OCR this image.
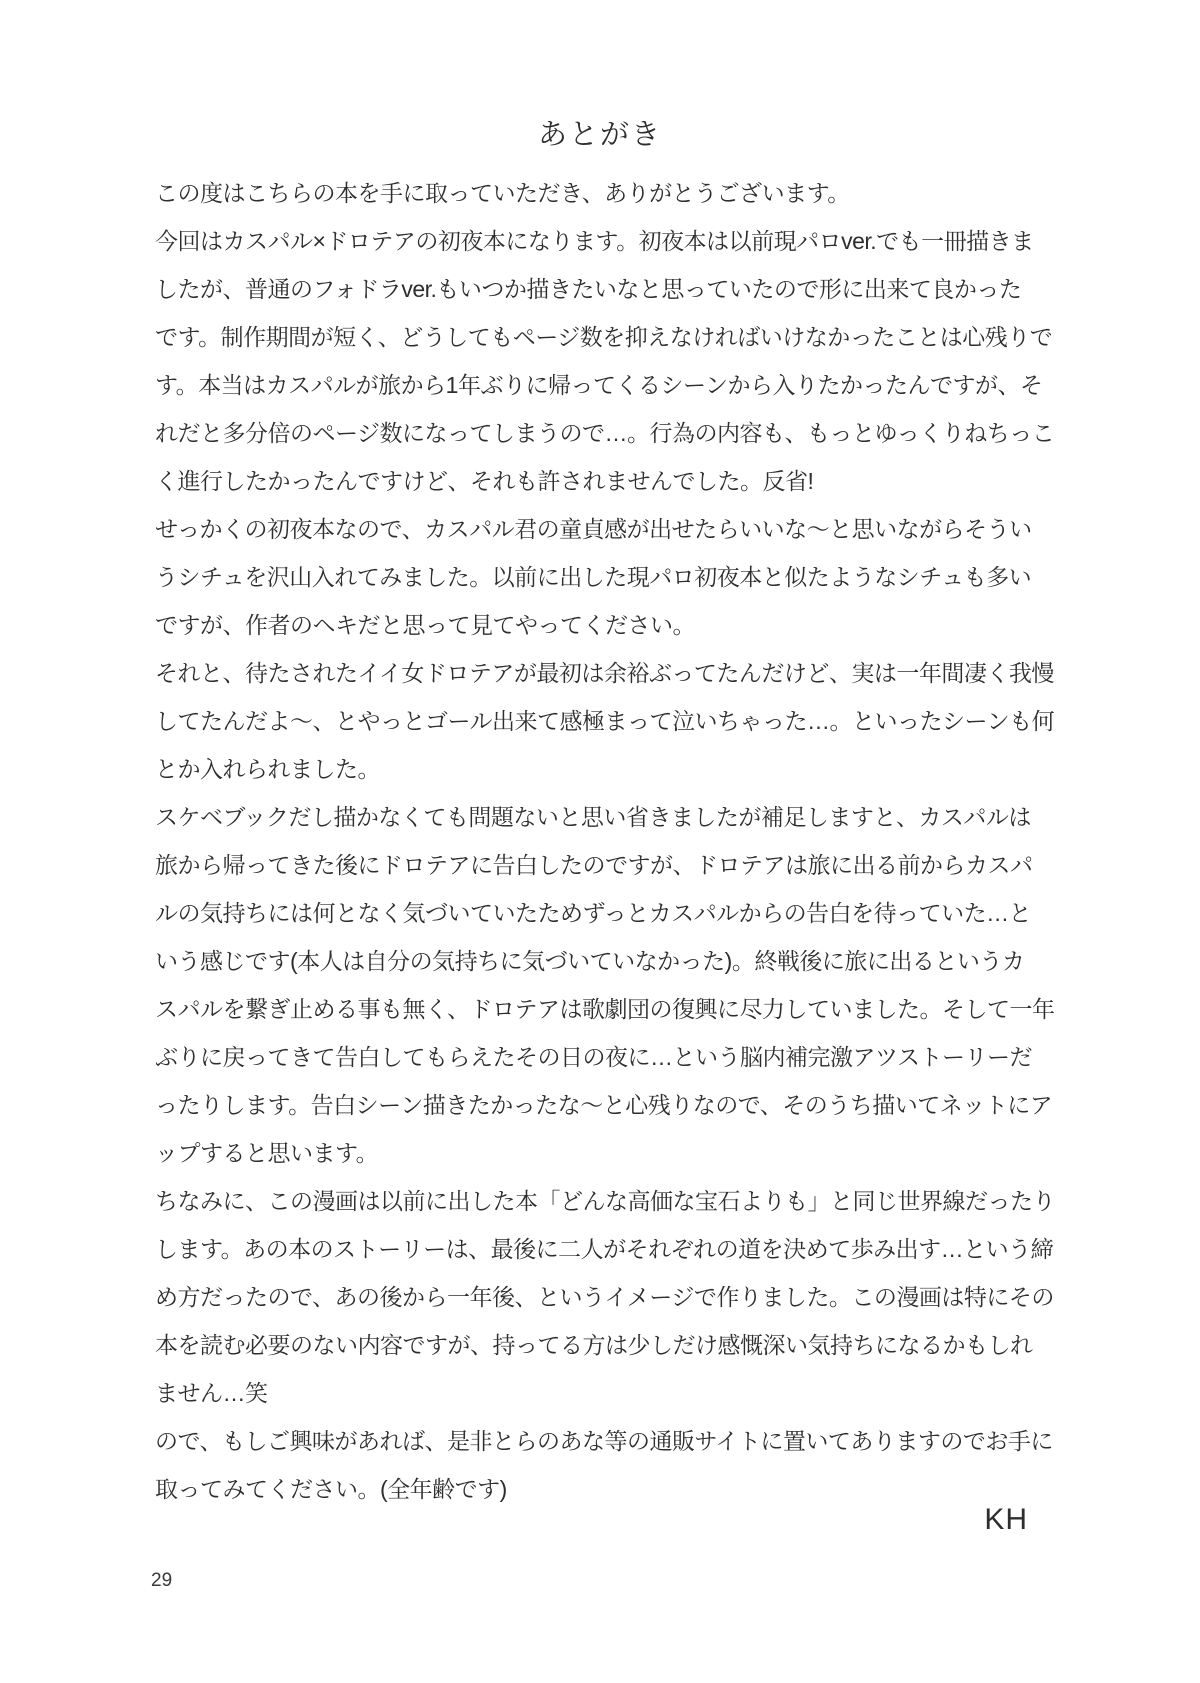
あとがき
この度はこちらの本を手に取っていただき、ありがとうございます。
今回はカスパル×ドロテアの初夜本になります。初夜本は以前現パロver.でも一冊描きま
したが、普通のフォドラver.もいつか描きたいなと思っていたので形に出来て良かった
です。制作期間が短く、どうしてもページ数を抑えなければいけなかったことは心残りで
す。本当はカスパルが旅から1年ぶりに帰ってくるシーンから入りたかったんですが、そ
れだと多分倍のページ数になってしまうので…。行為の内容も、もっとゆっくりねちっこ
く進行したかったんですけど、それも許されませんでした。反省!
せっかくの初夜本なので、カスパル君の童貞感が出せたらいいな〜と思いながらそうい
うシチュを沢山入れてみました。以前に出した現パロ初夜本と似たようなシチュも多い
ですが、作者のヘキだと思って見てやってください。
それと、待たされたイイ女ドロテアが最初は余裕ぶってたんだけど、実は一年間凄く我慢
してたんだよ〜、とやっとゴール出来て感極まって泣いちゃった…。といったシーンも何
とか入れられました。
スケベブックだし描かなくても問題ないと思い省きましたが補足しますと、カスパルは
旅から帰ってきた後にドロテアに告白したのですが、ドロテアは旅に出る前からカスパ
ルの気持ちには何となく気づいていたためずっとカスパルからの告白を待っていた…と
いう感じです(本人は自分の気持ちに気づいていなかった)。終戦後に旅に出るというカ
スパルを繋ぎ止める事も無く、ドロテアは歌劇団の復興に尽力していました。そして一年
ぶりに戻ってきて告白してもらえたその日の夜に…という脳内補完激アツストーリーだ
ったりします。告白シーン描きたかったな〜と心残りなので、そのうち描いてネットにア
ップすると思います。
ちなみに、この漫画は以前に出した本「どんな高価な宝石よりも」と同じ世界線だったり
します。あの本のストーリーは、最後に二人がそれぞれの道を決めて歩み出す…という締
め方だったので、あの後から一年後、というイメージで作りました。この漫画は特にその
本を読む必要のない内容ですが、持ってる方は少しだけ感慨深い気持ちになるかもしれ
ません…笑
ので、もしご興味があれば、是非とらのあな等の通販サイトに置いてありますのでお手に
取ってみてください。(全年齢です)
KH
29
